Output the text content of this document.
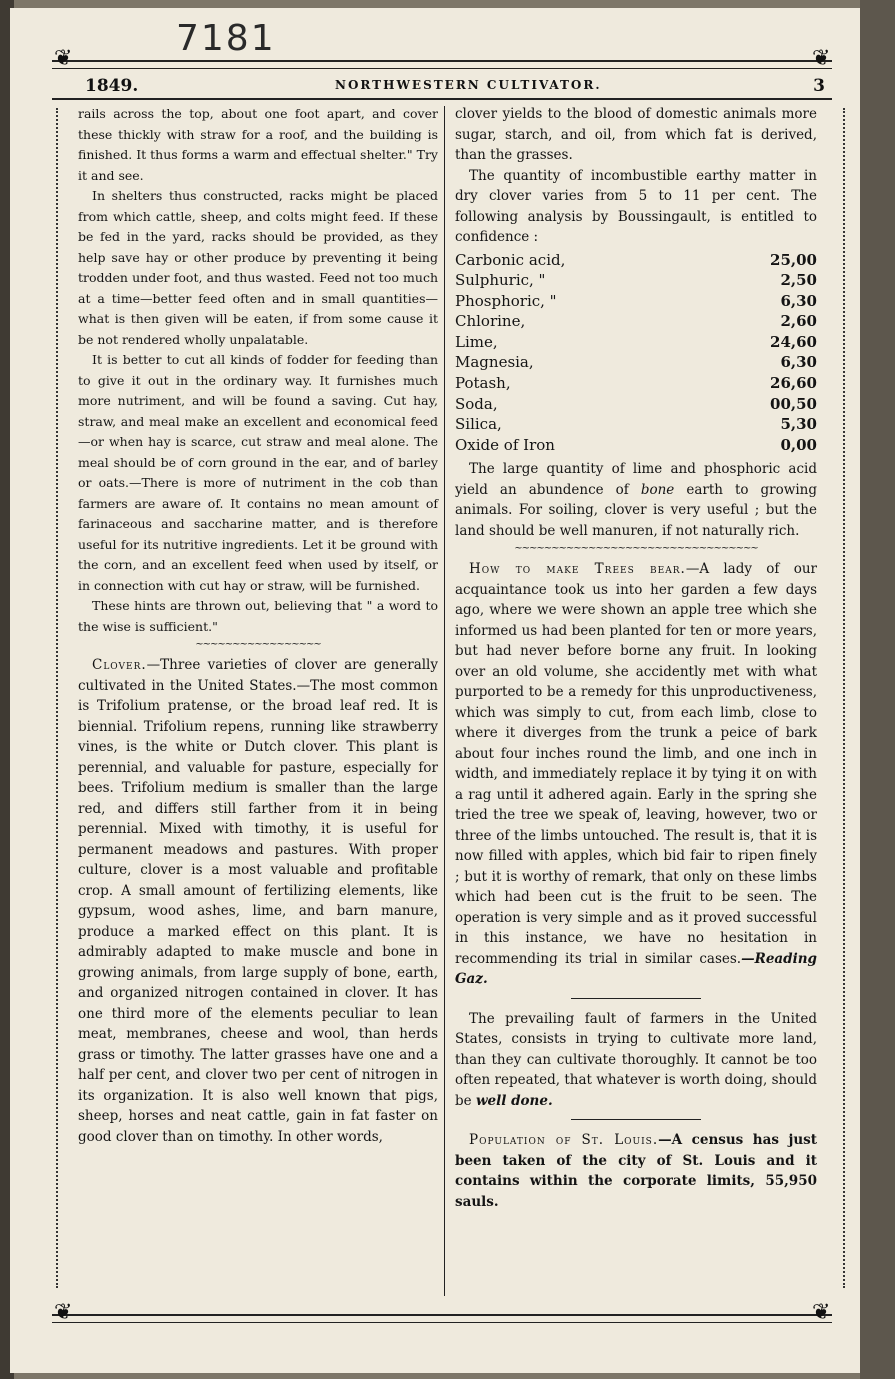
7181
❦	❦
1849.	NORTHWESTERN CULTIVATOR.	3

rails across the top, about one foot apart, and cover these thickly with straw for a roof, and the building is finished. It thus forms a warm and effectual shelter." Try it and see.

In shelters thus constructed, racks might be placed from which cattle, sheep, and colts might feed. If these be fed in the yard, racks should be provided, as they help save hay or other produce by preventing it being trodden under foot, and thus wasted. Feed not too much at a time—better feed often and in small quantities—what is then given will be eaten, if from some cause it be not rendered wholly unpalatable.

It is better to cut all kinds of fodder for feeding than to give it out in the ordinary way. It furnishes much more nutriment, and will be found a saving. Cut hay, straw, and meal make an excellent and economical feed—or when hay is scarce, cut straw and meal alone. The meal should be of corn ground in the ear, and of barley or oats.—There is more of nutriment in the cob than farmers are aware of. It contains no mean amount of farinaceous and saccharine matter, and is therefore useful for its nutritive ingredients. Let it be ground with the corn, and an excellent feed when used by itself, or in connection with cut hay or straw, will be furnished.

These hints are thrown out, believing that " a word to the wise is sufficient."

~~~~~~~~~~~~~~~~~

Clover.—Three varieties of clover are generally cultivated in the United States.—The most common is Trifolium pratense, or the broad leaf red. It is biennial. Trifolium repens, running like strawberry vines, is the white or Dutch clover. This plant is perennial, and valuable for pasture, especially for bees. Trifolium medium is smaller than the large red, and differs still farther from it in being perennial. Mixed with timothy, it is useful for permanent meadows and pastures. With proper culture, clover is a most valuable and profitable crop. A small amount of fertilizing elements, like gypsum, wood ashes, lime, and barn manure, produce a marked effect on this plant. It is admirably adapted to make muscle and bone in growing animals, from large supply of bone, earth, and organized nitrogen contained in clover. It has one third more of the elements peculiar to lean meat, membranes, cheese and wool, than herds grass or timothy. The latter grasses have one and a half per cent, and clover two per cent of nitrogen in its organization. It is also well known that pigs, sheep, horses and neat cattle, gain in fat faster on good clover than on timothy. In other words,

clover yields to the blood of domestic animals more sugar, starch, and oil, from which fat is derived, than the grasses.

The quantity of incombustible earthy matter in dry clover varies from 5 to 11 per cent. The following analysis by Boussingault, is entitled to confidence :

Carbonic acid,	25,00
Sulphuric, "	2,50
Phosphoric, "	6,30
Chlorine,	2,60
Lime,	24,60
Magnesia,	6,30
Potash,	26,60
Soda,	00,50
Silica,	5,30
Oxide of Iron	0,00

The large quantity of lime and phosphoric acid yield an abundence of bone earth to growing animals. For soiling, clover is very useful ; but the land should be well manuren, if not naturally rich.

~~~~~~~~~~~~~~~~~~~~~~~~~~~~~~~~~

How to make Trees bear.—A lady of our acquaintance took us into her garden a few days ago, where we were shown an apple tree which she informed us had been planted for ten or more years, but had never before borne any fruit. In looking over an old volume, she accidently met with what purported to be a remedy for this unproductiveness, which was simply to cut, from each limb, close to where it diverges from the trunk a peice of bark about four inches round the limb, and one inch in width, and immediately replace it by tying it on with a rag until it adhered again. Early in the spring she tried the tree we speak of, leaving, however, two or three of the limbs untouched. The result is, that it is now filled with apples, which bid fair to ripen finely ; but it is worthy of remark, that only on these limbs which had been cut is the fruit to be seen. The operation is very simple and as it proved successful in this instance, we have no hesitation in recommending its trial in similar cases.—Reading Gaz.

The prevailing fault of farmers in the United States, consists in trying to cultivate more land, than they can cultivate thoroughly. It cannot be too often repeated, that whatever is worth doing, should be well done.

Population of St. Louis.—A census has just been taken of the city of St. Louis and it contains within the corporate limits, 55,950 sauls.

❦	❦
